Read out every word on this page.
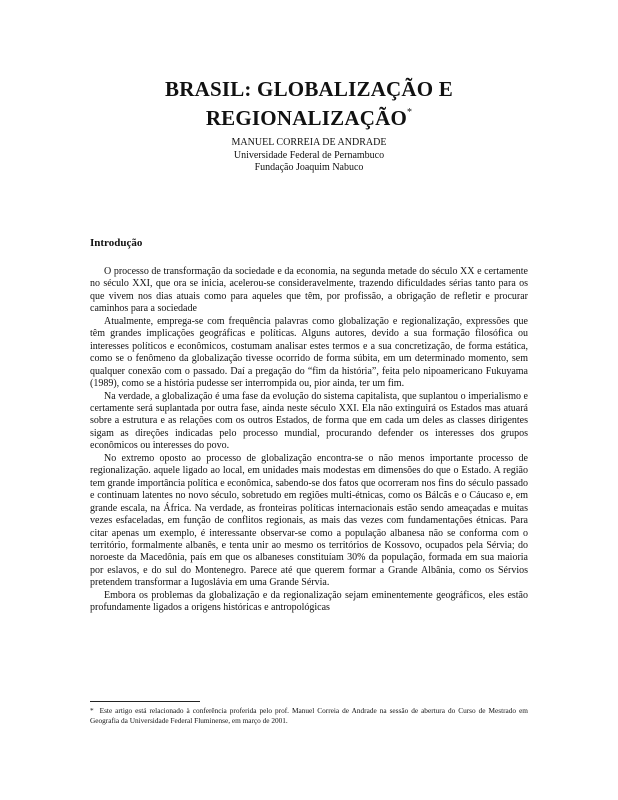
BRASIL: GLOBALIZAÇÃO E
REGIONALIZAÇÃO*
MANUEL CORREIA DE ANDRADE
Universidade Federal de Pernambuco
Fundação Joaquim Nabuco
Introdução

O processo de transformação da sociedade e da economia, na segunda metade do século XX e certamente no século XXI, que ora se inicia, acelerou-se consideravelmente, trazendo dificuldades sérias tanto para os que vivem nos dias atuais como para aqueles que têm, por profissão, a obrigação de refletir e procurar caminhos para a sociedade

Atualmente, emprega-se com frequência palavras como globalização e regionalização, expressões que têm grandes implicações geográficas e políticas. Alguns autores, devido a sua formação filosófica ou interesses políticos e econômicos, costumam analisar estes termos e a sua concretização, de forma estática, como se o fenômeno da globalização tivesse ocorrido de forma súbita, em um determinado momento, sem qualquer conexão com o passado. Daí a pregação do “fim da história”, feita pelo nipoamericano Fukuyama (1989), como se a história pudesse ser interrompida ou, pior ainda, ter um fim.

Na verdade, a globalização é uma fase da evolução do sistema capitalista, que suplantou o imperialismo e certamente será suplantada por outra fase, ainda neste século XXI. Ela não extinguirá os Estados mas atuará sobre a estrutura e as relações com os outros Estados, de forma que em cada um deles as classes dirigentes sigam as direções indicadas pelo processo mundial, procurando defender os interesses dos grupos econômicos ou interesses do povo.

No extremo oposto ao processo de globalização encontra-se o não menos importante processo de regionalização. aquele ligado ao local, em unidades mais modestas em dimensões do que o Estado. A região tem grande importância política e econômica, sabendo-se dos fatos que ocorreram nos fins do século passado e continuam latentes no novo século, sobretudo em regiões multi-étnicas, como os Bálcãs e o Cáucaso e, em grande escala, na África. Na verdade, as fronteiras políticas internacionais estão sendo ameaçadas e muitas vezes esfaceladas, em função de conflitos regionais, as mais das vezes com fundamentações étnicas. Para citar apenas um exemplo, é interessante observar-se como a população albanesa não se conforma com o território, formalmente albanês, e tenta unir ao mesmo os territórios de Kossovo, ocupados pela Sérvia; do noroeste da Macedônia, país em que os albaneses constituíam 30% da população, formada em sua maioria por eslavos, e do sul do Montenegro. Parece até que querem formar a Grande Albânia, como os Sérvios pretendem transformar a Iugoslávia em uma Grande Sérvia.

Embora os problemas da globalização e da regionalização sejam eminentemente geográficos, eles estão profundamente ligados a origens históricas e antropológicas

* Este artigo está relacionado à conferência proferida pelo prof. Manuel Correia de Andrade na sessão de abertura do Curso de Mestrado em Geografia da Universidade Federal Fluminense, em março de 2001.
